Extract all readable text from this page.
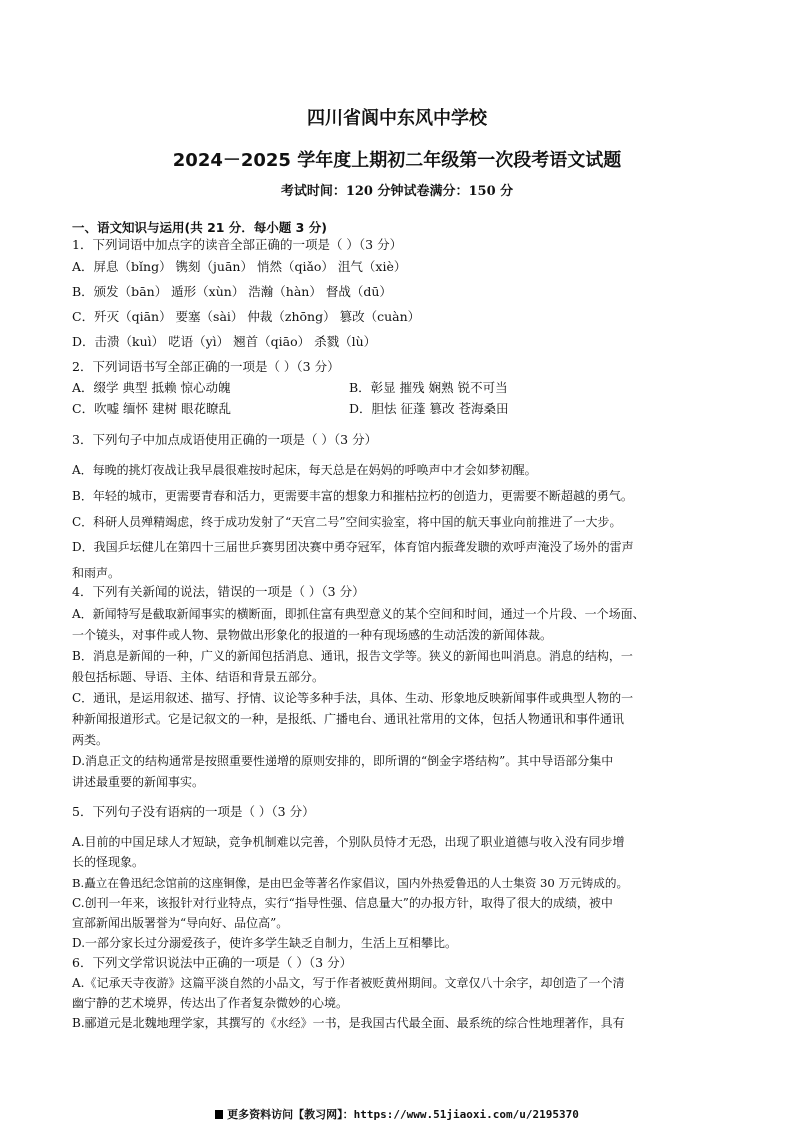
四川省阆中东风中学校
2024－2025 学年度上期初二年级第一次段考语文试题
考试时间：120 分钟试卷满分：150 分
一、语文知识与运用(共 21 分．每小题 3 分)
1．下列词语中加点字的读音全部正确的一项是（ ）（3 分）
A．屏息（bǐng） 镌刻（juān） 悄然（qiǎo） 沮气（xiè）
B．颁发（bān） 遁形（xùn） 浩瀚（hàn） 督战（dū）
C．歼灭（qiān） 要塞（sài） 仲裁（zhōng） 篡改（cuàn）
D．击溃（kuì） 呓语（yì） 翘首（qiāo） 杀戮（lù）
2．下列词语书写全部正确的一项是（ ）（3 分）
A．缀学 典型 抵赖 惊心动魄	B．彰显 摧残 娴熟 锐不可当
C．吹嘘 缅怀 建树 眼花瞭乱	D．胆怯 征蓬 篡改 苍海桑田
3．下列句子中加点成语使用正确的一项是（ ）（3 分）
A．每晚的挑灯夜战让我早晨很难按时起床，每天总是在妈妈的呼唤声中才会如梦初醒。
B．年轻的城市，更需要青春和活力，更需要丰富的想象力和摧枯拉朽的创造力，更需要不断超越的勇气。
C．科研人员殚精竭虑，终于成功发射了“天宫二号”空间实验室，将中国的航天事业向前推进了一大步。
D．我国乒坛健儿在第四十三届世乒赛男团决赛中勇夺冠军，体育馆内振聋发聩的欢呼声淹没了场外的雷声
和雨声。
4．下列有关新闻的说法，错误的一项是（ ）（3 分）
A．新闻特写是截取新闻事实的横断面，即抓住富有典型意义的某个空间和时间，通过一个片段、一个场面、
一个镜头，对事件或人物、景物做出形象化的报道的一种有现场感的生动活泼的新闻体裁。
B．消息是新闻的一种，广义的新闻包括消息、通讯，报告文学等。狭义的新闻也叫消息。消息的结构，一
般包括标题、导语、主体、结语和背景五部分。
C．通讯，是运用叙述、描写、抒情、议论等多种手法，具体、生动、形象地反映新闻事件或典型人物的一
种新闻报道形式。它是记叙文的一种，是报纸、广播电台、通讯社常用的文体，包括人物通讯和事件通讯
两类。
D.消息正文的结构通常是按照重要性递增的原则安排的，即所谓的“倒金字塔结构”。其中导语部分集中
讲述最重要的新闻事实。
5．下列句子没有语病的一项是（ ）（3 分）
A.目前的中国足球人才短缺，竞争机制难以完善，个别队员恃才无恐，出现了职业道德与收入没有同步增
长的怪现象。
B.矗立在鲁迅纪念馆前的这座铜像，是由巴金等著名作家倡议，国内外热爱鲁迅的人士集资 30 万元铸成的。
C.创刊一年来，该报针对行业特点，实行“指导性强、信息量大”的办报方针，取得了很大的成绩，被中
宣部新闻出版署誉为“导向好、品位高”。
D.一部分家长过分溺爱孩子，使许多学生缺乏自制力，生活上互相攀比。
6．下列文学常识说法中正确的一项是（ ）（3 分）
A.《记承天寺夜游》这篇平淡自然的小品文，写于作者被贬黄州期间。文章仅八十余字，却创造了一个清
幽宁静的艺术境界，传达出了作者复杂微妙的心境。
B.郦道元是北魏地理学家，其撰写的《水经》一书，是我国古代最全面、最系统的综合性地理著作，具有
更多资料访问【教习网】：https://www.51jiaoxi.com/u/2195370
